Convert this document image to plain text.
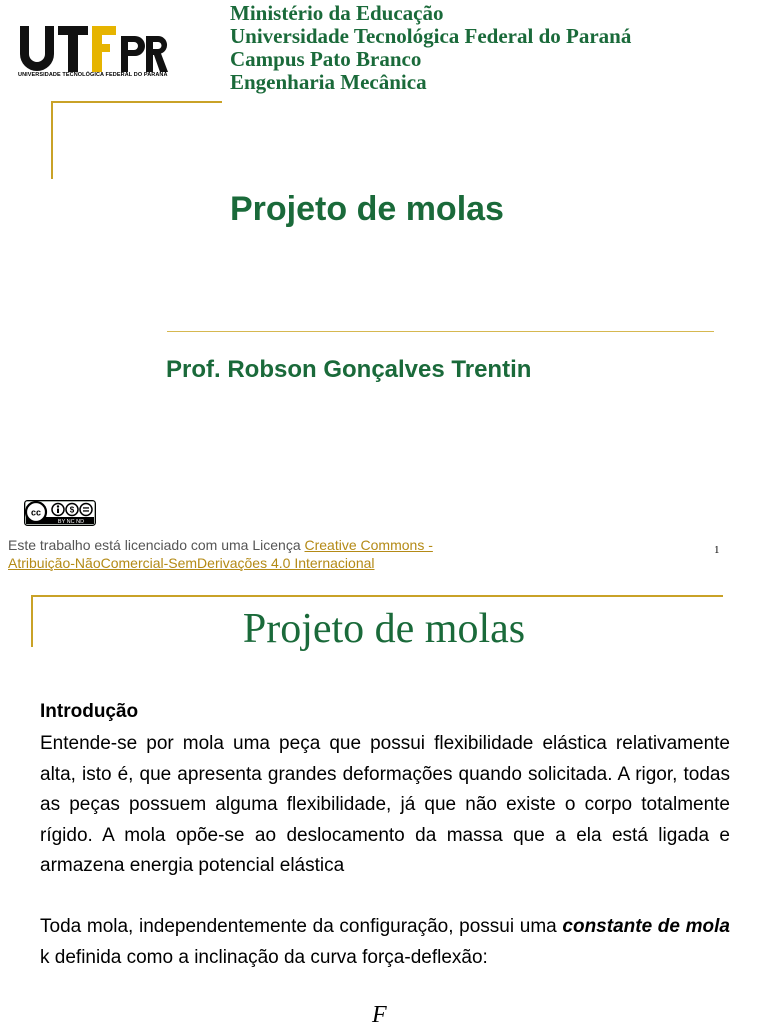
UNIVERSIDADE TECNOLÓGICA FEDERAL DO PARANÁ
Ministério da Educação
Universidade Tecnológica Federal do Paraná
Campus Pato Branco
Engenharia Mecânica
Projeto de molas
Prof. Robson Gonçalves Trentin
cc	$
BY NC ND
Este trabalho está licenciado com uma Licença Creative Commons -
Atribuição-NãoComercial-SemDerivações 4.0 Internacional
1
Projeto de molas
Introdução
Entende-se por mola uma peça que possui flexibilidade elástica relativamente alta, isto é, que apresenta grandes deformações quando solicitada. A rigor, todas as peças possuem alguma flexibilidade, já que não existe o corpo totalmente rígido. A mola opõe-se ao deslocamento da massa que a ela está ligada e armazena energia potencial elástica
Toda mola, independentemente da configuração, possui uma constante de mola k definida como a inclinação da curva força-deflexão:
F
